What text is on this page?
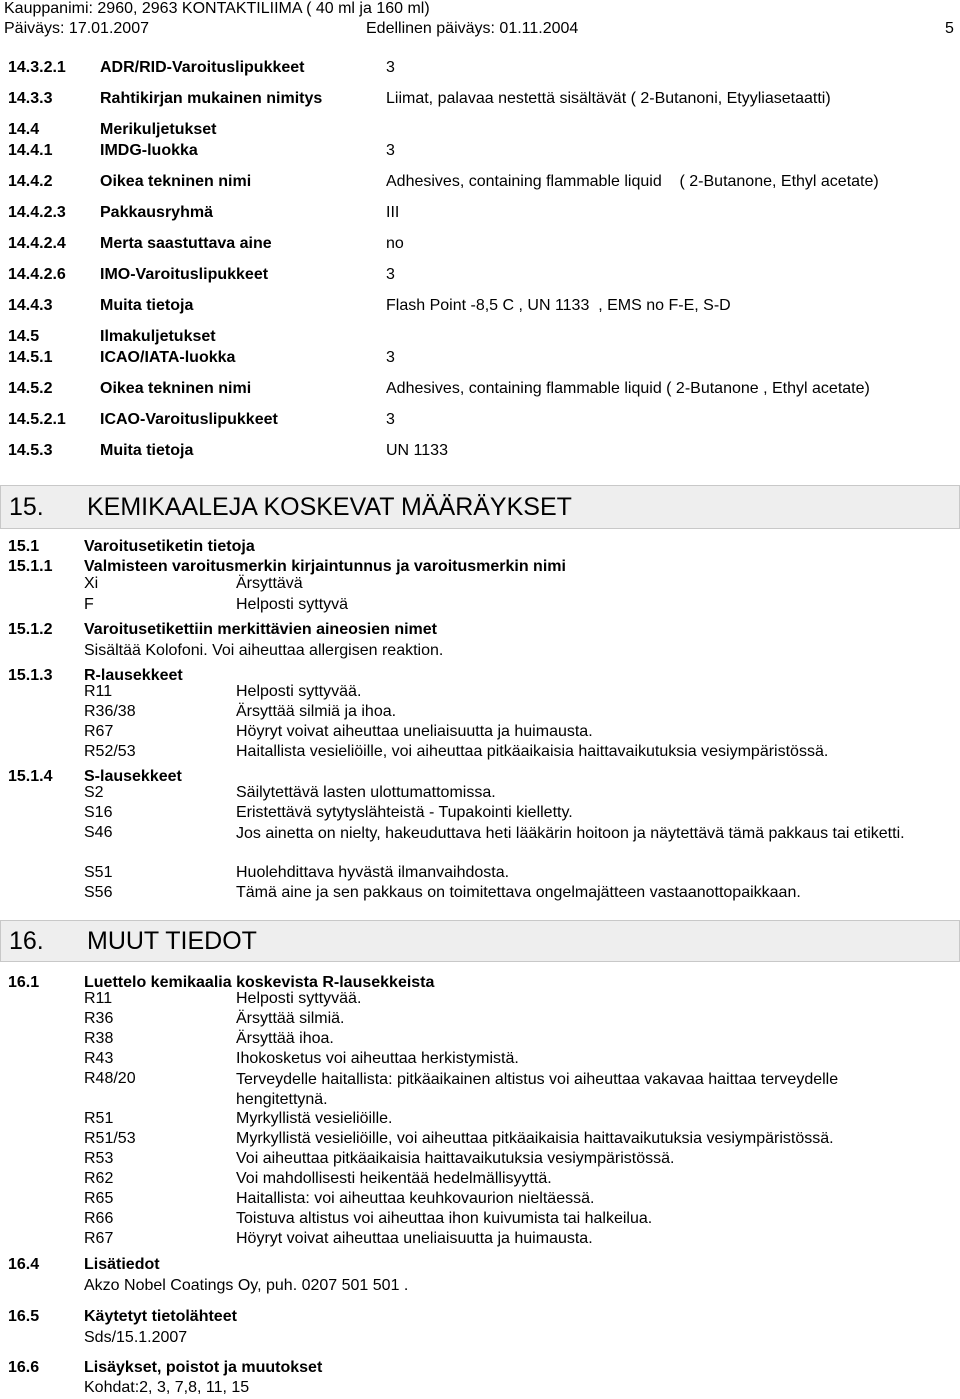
Kauppanimi: 2960, 2963 KONTAKTILIIMA ( 40 ml ja 160 ml)
Päiväys: 17.01.2007	Edellinen päiväys: 01.11.2004	5
14.3.2.1 ADR/RID-Varoituslipukkeet	3
14.3.3	Rahtikirjan mukainen nimitys	Liimat, palavaa nestettä sisältävät ( 2-Butanoni, Etyyliasetaatti)
14.4	Merikuljetukset
14.4.1	IMDG-luokka	3
14.4.2	Oikea tekninen nimi	Adhesives, containing flammable liquid    ( 2-Butanone, Ethyl acetate)
14.4.2.3 Pakkausryhmä	III
14.4.2.4 Merta saastuttava aine	no
14.4.2.6 IMO-Varoituslipukkeet	3
14.4.3	Muita tietoja	Flash Point -8,5 C , UN 1133  , EMS no F-E, S-D
14.5	Ilmakuljetukset
14.5.1	ICAO/IATA-luokka	3
14.5.2	Oikea tekninen nimi	Adhesives, containing flammable liquid ( 2-Butanone , Ethyl acetate)
14.5.2.1 ICAO-Varoituslipukkeet	3
14.5.3	Muita tietoja	UN 1133
15. KEMIKAALEJA KOSKEVAT MÄÄRÄYKSET
15.1	Varoitusetiketin tietoja
15.1.1 Valmisteen varoitusmerkin kirjaintunnus ja varoitusmerkin nimi
Xi	Ärsyttävä
F	Helposti syttyvä
15.1.2 Varoitusetikettiin merkittävien aineosien nimet
Sisältää Kolofoni. Voi aiheuttaa allergisen reaktion.
15.1.3 R-lausekkeet
R11	Helposti syttyvää.
R36/38	Ärsyttää silmiä ja ihoa.
R67	Höyryt voivat aiheuttaa uneliaisuutta ja huimausta.
R52/53	Haitallista vesieliöille, voi aiheuttaa pitkäaikaisia haittavaikutuksia vesiympäristössä.
15.1.4 S-lausekkeet
S2	Säilytettävä lasten ulottumattomissa.
S16	Eristettävä sytytyslähteistä - Tupakointi kielletty.
S46	Jos ainetta on nielty, hakeuduttava heti lääkärin hoitoon ja näytettävä tämä pakkaus tai etiketti.
S51	Huolehdittava hyvästä ilmanvaihdosta.
S56	Tämä aine ja sen pakkaus on toimitettava ongelmajätteen vastaanottopaikkaan.
16. MUUT TIEDOT
16.1	Luettelo kemikaalia koskevista R-lausekkeista
R11	Helposti syttyvää.
R36	Ärsyttää silmiä.
R38	Ärsyttää ihoa.
R43	Ihokosketus voi aiheuttaa herkistymistä.
R48/20	Terveydelle haitallista: pitkäaikainen altistus voi aiheuttaa vakavaa haittaa terveydelle hengitettynä.
R51	Myrkyllistä vesieliöille.
R51/53	Myrkyllistä vesieliöille, voi aiheuttaa pitkäaikaisia haittavaikutuksia vesiympäristössä.
R53	Voi aiheuttaa pitkäaikaisia haittavaikutuksia vesiympäristössä.
R62	Voi mahdollisesti heikentää hedelmällisyyttä.
R65	Haitallista: voi aiheuttaa keuhkovaurion nieltäessä.
R66	Toistuva altistus voi aiheuttaa ihon kuivumista tai halkeilua.
R67	Höyryt voivat aiheuttaa uneliaisuutta ja huimausta.
16.4	Lisätiedot
Akzo Nobel Coatings Oy, puh. 0207 501 501 .
16.5	Käytetyt tietolähteet
Sds/15.1.2007
16.6	Lisäykset, poistot ja muutokset
Kohdat:2, 3, 7,8, 11, 15
